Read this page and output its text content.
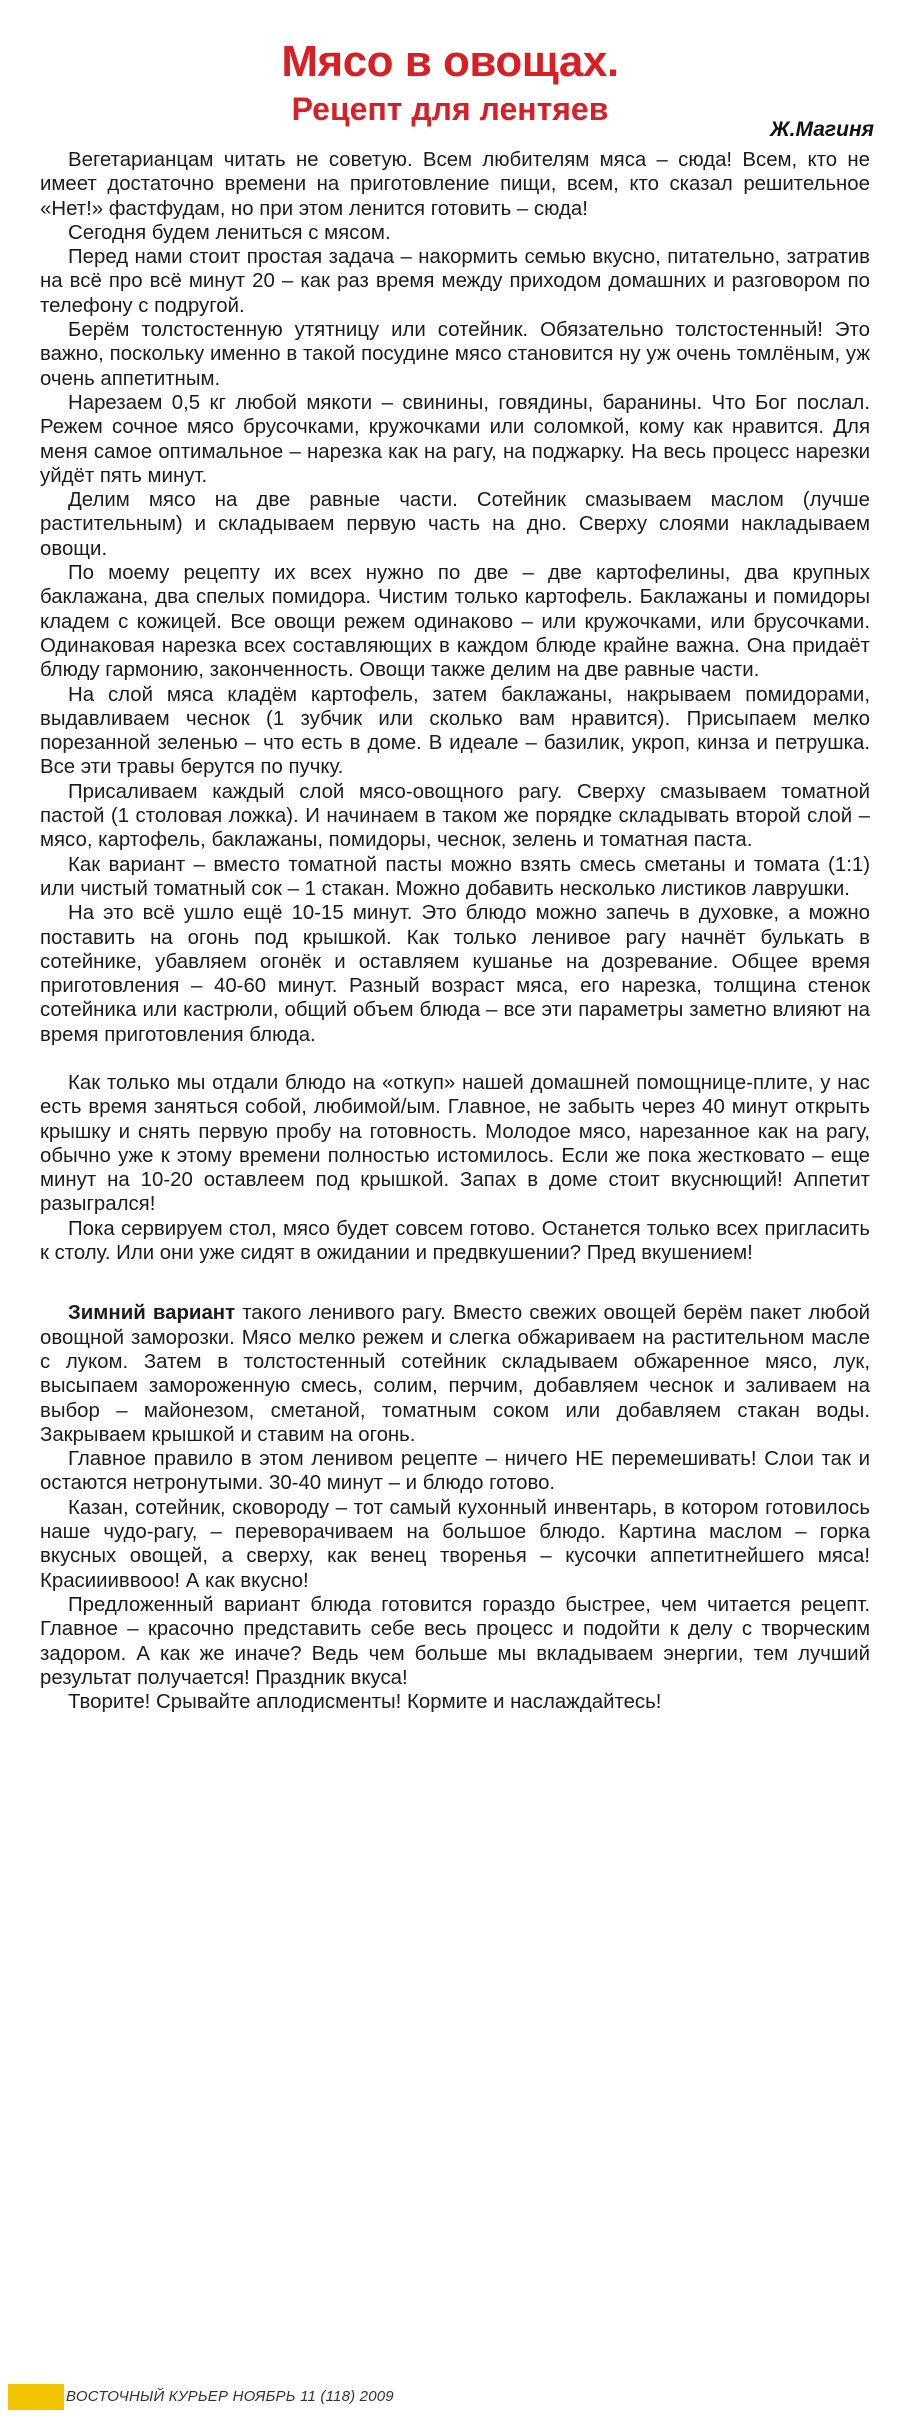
Мясо в овощах.
Рецепт для лентяев
Ж.Магиня

Вегетарианцам читать не советую. Всем любителям мяса – сюда! Всем, кто не имеет достаточно времени на приготовление пищи, всем, кто сказал решительное «Нет!» фастфудам, но при этом ленится готовить – сюда!

Сегодня будем лениться с мясом.

Перед нами стоит простая задача – накормить семью вкусно, питательно, затратив на всё про всё минут 20 – как раз время между приходом домашних и разговором по телефону с подругой.

Берём толстостенную утятницу или сотейник. Обязательно толстостенный! Это важно, поскольку именно в такой посудине мясо становится ну уж очень томлёным, уж очень аппетитным.

Нарезаем 0,5 кг любой мякоти – свинины, говядины, баранины. Что Бог послал. Режем сочное мясо брусочками, кружочками или соломкой, кому как нравится. Для меня самое оптимальное – нарезка как на рагу, на поджарку. На весь процесс нарезки уйдёт пять минут.

Делим мясо на две равные части. Сотейник смазываем маслом (лучше растительным) и складываем первую часть на дно. Сверху слоями накладываем овощи.

По моему рецепту их всех нужно по две – две картофелины, два крупных баклажана, два спелых помидора. Чистим только картофель. Баклажаны и помидоры кладем с кожицей. Все овощи режем одинаково – или кружочками, или брусочками. Одинаковая нарезка всех составляющих в каждом блюде крайне важна. Она придаёт блюду гармонию, законченность. Овощи также делим на две равные части.

На слой мяса кладём картофель, затем баклажаны, накрываем помидорами, выдавливаем чеснок (1 зубчик или сколько вам нравится). Присыпаем мелко порезанной зеленью – что есть в доме. В идеале – базилик, укроп, кинза и петрушка. Все эти травы берутся по пучку.

Присаливаем каждый слой мясо-овощного рагу. Сверху смазываем томатной пастой (1 столовая ложка). И начинаем в таком же порядке складывать второй слой – мясо, картофель, баклажаны, помидоры, чеснок, зелень и томатная паста.

Как вариант – вместо томатной пасты можно взять смесь сметаны и томата (1:1) или чистый томатный сок – 1 стакан. Можно добавить несколько листиков лаврушки.

На это всё ушло ещё 10-15 минут. Это блюдо можно запечь в духовке, а можно поставить на огонь под крышкой. Как только ленивое рагу начнёт булькать в сотейнике, убавляем огонёк и оставляем кушанье на дозревание. Общее время приготовления – 40-60 минут. Разный возраст мяса, его нарезка, толщина стенок сотейника или кастрюли, общий объем блюда – все эти параметры заметно влияют на время приготовления блюда.

Как только мы отдали блюдо на «откуп» нашей домашней помощнице-плите, у нас есть время заняться собой, любимой/ым. Главное, не забыть через 40 минут открыть крышку и снять первую пробу на готовность. Молодое мясо, нарезанное как на рагу, обычно уже к этому времени полностью истомилось. Если же пока жестковато – еще минут на 10-20 оставлеем под крышкой. Запах в доме стоит вкуснющий! Аппетит разыгрался!

Пока сервируем стол, мясо будет совсем готово. Останется только всех пригласить к столу. Или они уже сидят в ожидании и предвкушении? Пред вкушением!

Зимний вариант такого ленивого рагу. Вместо свежих овощей берём пакет любой овощной заморозки. Мясо мелко режем и слегка обжариваем на растительном масле с луком. Затем в толстостенный сотейник складываем обжаренное мясо, лук, высыпаем замороженную смесь, солим, перчим, добавляем чеснок и заливаем на выбор – майонезом, сметаной, томатным соком или добавляем стакан воды. Закрываем крышкой и ставим на огонь.

Главное правило в этом ленивом рецепте – ничего НЕ перемешивать! Слои так и остаются нетронутыми. 30-40 минут – и блюдо готово.

Казан, сотейник, сковороду – тот самый кухонный инвентарь, в котором готовилось наше чудо-рагу, – переворачиваем на большое блюдо. Картина маслом – горка вкусных овощей, а сверху, как венец творенья – кусочки аппетитнейшего мяса! Красиииввооо! А как вкусно!

Предложенный вариант блюда готовится гораздо быстрее, чем читается рецепт. Главное – красочно представить себе весь процесс и подойти к делу с творческим задором. А как же иначе? Ведь чем больше мы вкладываем энергии, тем лучший результат получается! Праздник вкуса!

Творите! Срывайте аплодисменты! Кормите и наслаждайтесь!

ВОСТОЧНЫЙ КУРЬЕР НОЯБРЬ 11 (118) 2009
